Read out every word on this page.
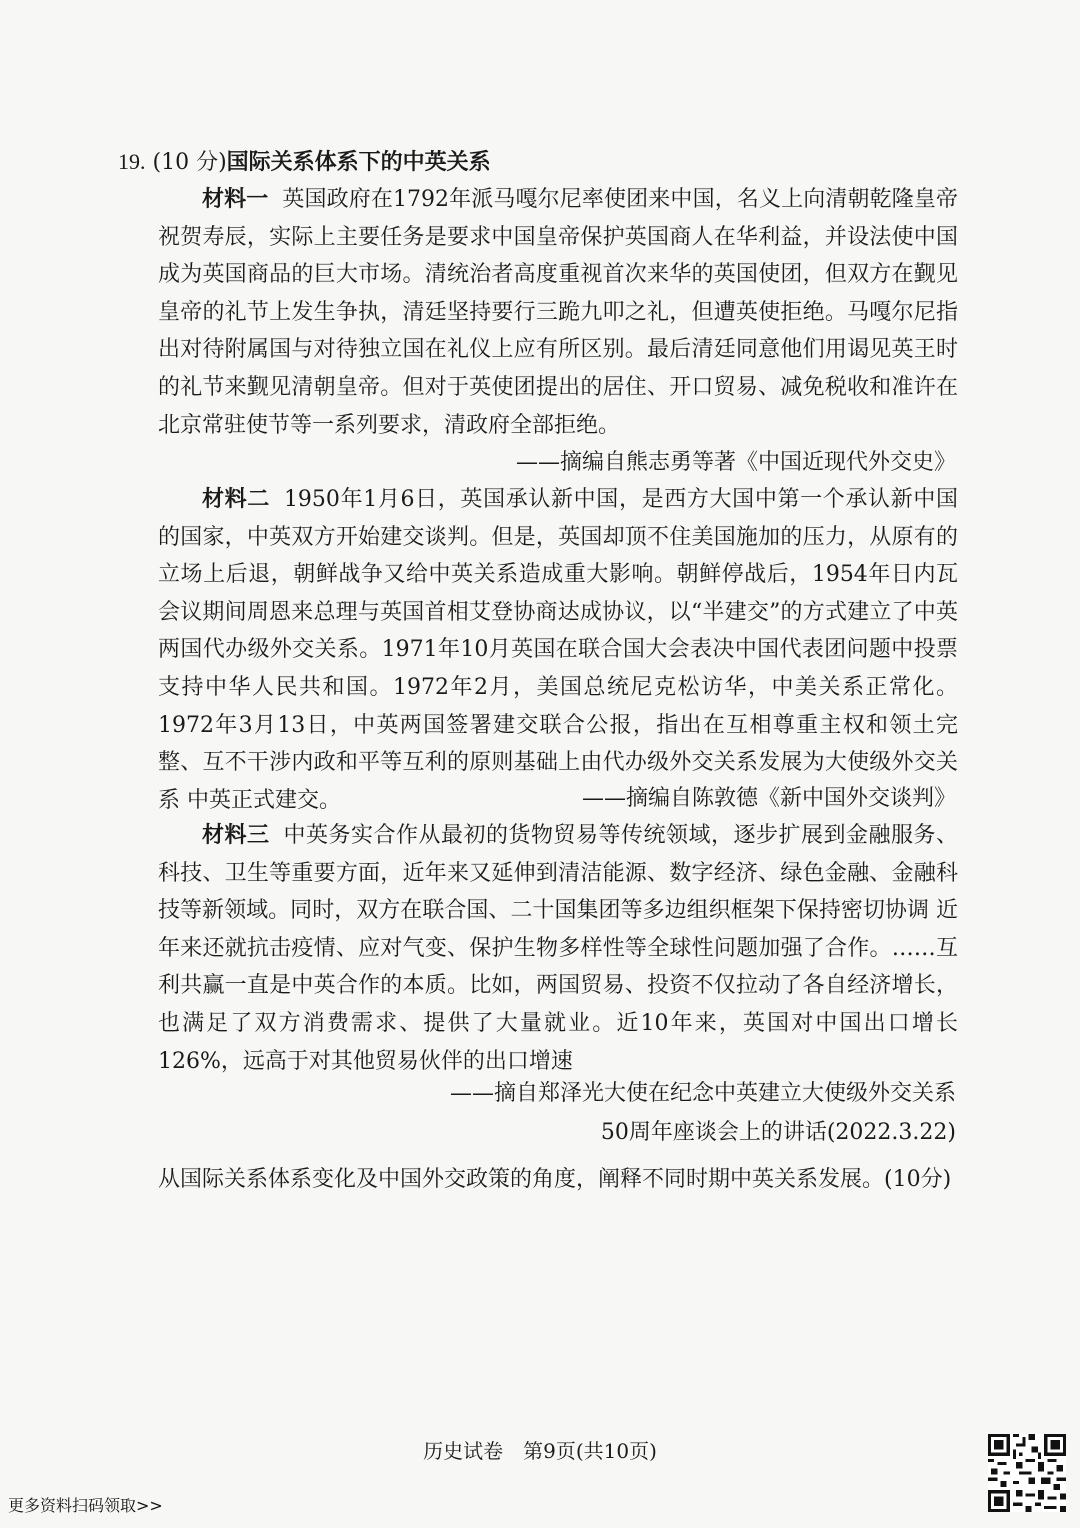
19. (10 分)国际关系体系下的中英关系

材料一 英国政府在1792年派马嘎尔尼率使团来中国，名义上向清朝乾隆皇帝祝贺寿辰，实际上主要任务是要求中国皇帝保护英国商人在华利益，并设法使中国成为英国商品的巨大市场。清统治者高度重视首次来华的英国使团，但双方在觐见皇帝的礼节上发生争执，清廷坚持要行三跪九叩之礼，但遭英使拒绝。马嘎尔尼指出对待附属国与对待独立国在礼仪上应有所区别。最后清廷同意他们用谒见英王时的礼节来觐见清朝皇帝。但对于英使团提出的居住、开口贸易、减免税收和准许在北京常驻使节等一系列要求，清政府全部拒绝。

——摘编自熊志勇等著《中国近现代外交史》

材料二 1950年1月6日，英国承认新中国，是西方大国中第一个承认新中国的国家，中英双方开始建交谈判。但是，英国却顶不住美国施加的压力，从原有的立场上后退，朝鲜战争又给中英关系造成重大影响。朝鲜停战后，1954年日内瓦会议期间周恩来总理与英国首相艾登协商达成协议，以“半建交”的方式建立了中英两国代办级外交关系。1971年10月英国在联合国大会表决中国代表团问题中投票支持中华人民共和国。1972年2月，美国总统尼克松访华，中美关系正常化。1972年3月13日，中英两国签署建交联合公报，指出在互相尊重主权和领土完整、互不干涉内政和平等互利的原则基础上由代办级外交关系发展为大使级外交关系 中英正式建交。	——摘编自陈敦德《新中国外交谈判》

材料三 中英务实合作从最初的货物贸易等传统领域，逐步扩展到金融服务、科技、卫生等重要方面，近年来又延伸到清洁能源、数字经济、绿色金融、金融科技等新领域。同时，双方在联合国、二十国集团等多边组织框架下保持密切协调 近年来还就抗击疫情、应对气变、保护生物多样性等全球性问题加强了合作。……互利共赢一直是中英合作的本质。比如，两国贸易、投资不仅拉动了各自经济增长，也满足了双方消费需求、提供了大量就业。近10年来，英国对中国出口增长126%，远高于对其他贸易伙伴的出口增速

——摘自郑泽光大使在纪念中英建立大使级外交关系
50周年座谈会上的讲话(2022.3.22)
从国际关系体系变化及中国外交政策的角度，阐释不同时期中英关系发展。(10分)
历史试卷　第9页(共10页)
更多资料扫码领取>>
